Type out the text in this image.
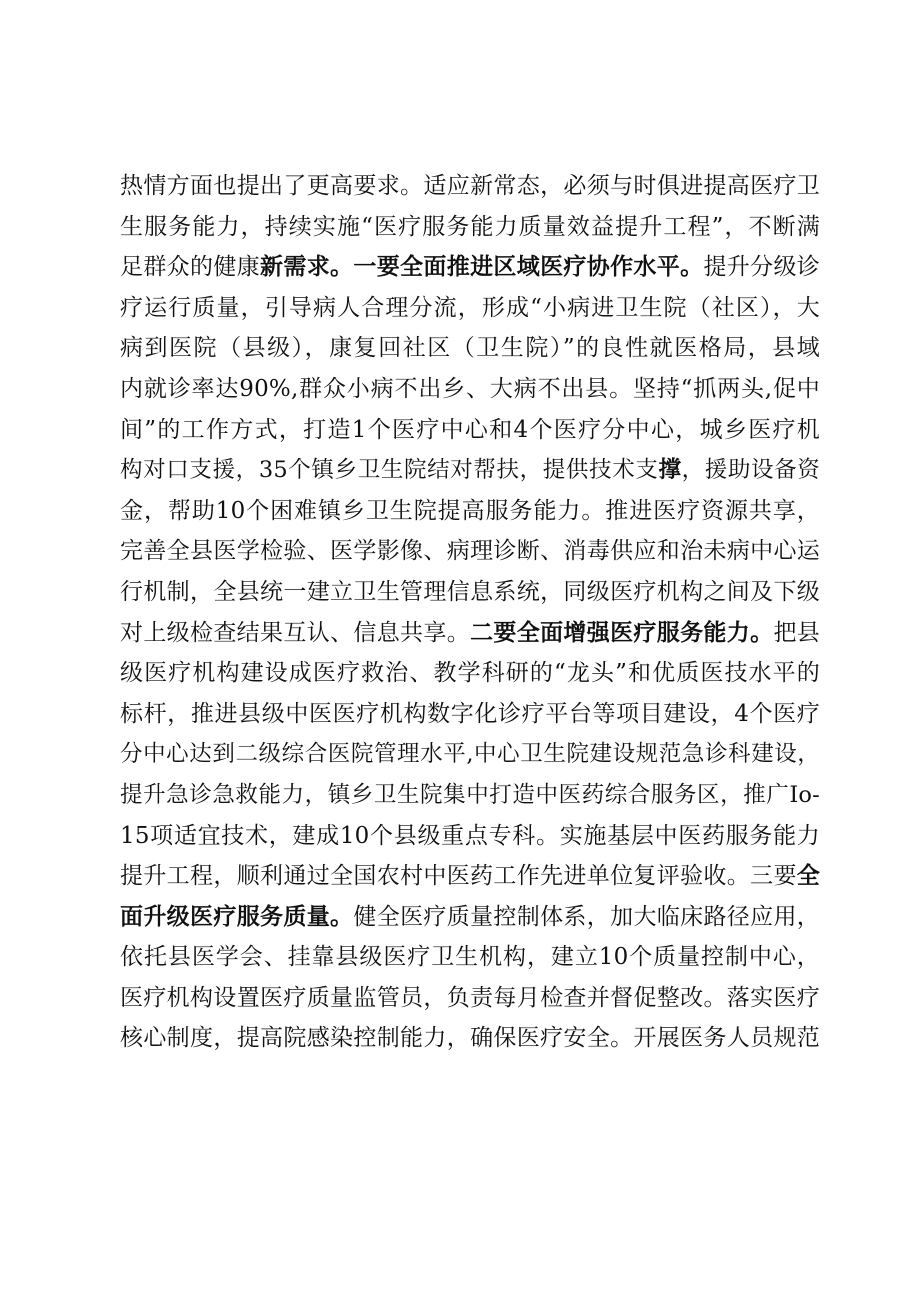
热情方面也提出了更高要求。适应新常态，必须与时俱进提高医疗卫
生服务能力，持续实施“医疗服务能力质量效益提升工程”，不断满
足群众的健康新需求。一要全面推进区域医疗协作水平。提升分级诊
疗运行质量，引导病人合理分流，形成“小病进卫生院（社区），大
病到医院（县级），康复回社区（卫生院）”的良性就医格局，县域
内就诊率达90%,群众小病不出乡、大病不出县。坚持“抓两头,促中
间”的工作方式，打造1个医疗中心和4个医疗分中心，城乡医疗机
构对口支援，35个镇乡卫生院结对帮扶，提供技术支撑，援助设备资
金，帮助10个困难镇乡卫生院提高服务能力。推进医疗资源共享，
完善全县医学检验、医学影像、病理诊断、消毒供应和治未病中心运
行机制，全县统一建立卫生管理信息系统，同级医疗机构之间及下级
对上级检查结果互认、信息共享。二要全面增强医疗服务能力。把县
级医疗机构建设成医疗救治、教学科研的“龙头”和优质医技水平的
标杆，推进县级中医医疗机构数字化诊疗平台等项目建设，4个医疗
分中心达到二级综合医院管理水平,中心卫生院建设规范急诊科建设，
提升急诊急救能力，镇乡卫生院集中打造中医药综合服务区，推广Io-
15项适宜技术，建成10个县级重点专科。实施基层中医药服务能力
提升工程，顺利通过全国农村中医药工作先进单位复评验收。三要全
面升级医疗服务质量。健全医疗质量控制体系，加大临床路径应用，
依托县医学会、挂靠县级医疗卫生机构，建立10个质量控制中心，
医疗机构设置医疗质量监管员，负责每月检查并督促整改。落实医疗
核心制度，提高院感染控制能力，确保医疗安全。开展医务人员规范
